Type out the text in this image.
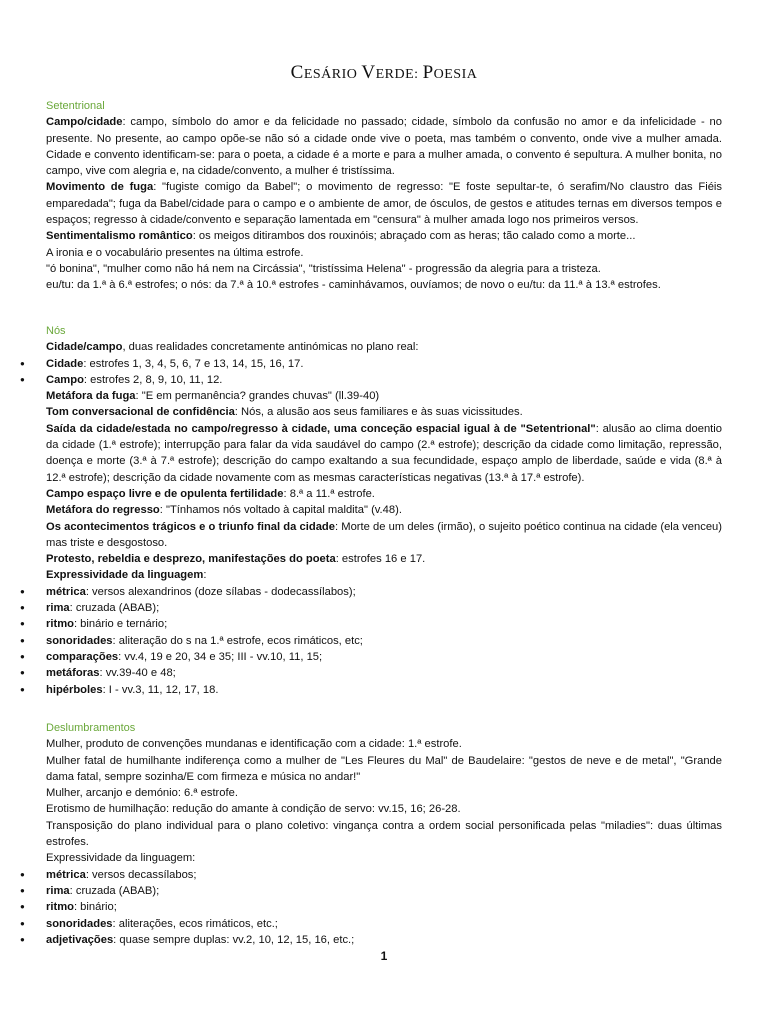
CESÁRIO VERDE: POESIA
Setentrional

Campo/cidade: campo, símbolo do amor e da felicidade no passado; cidade, símbolo da confusão no amor e da infelicidade - no presente. No presente, ao campo opõe-se não só a cidade onde vive o poeta, mas também o convento, onde vive a mulher amada. Cidade e convento identificam-se: para o poeta, a cidade é a morte e para a mulher amada, o convento é sepultura. A mulher bonita, no campo, vive com alegria e, na cidade/convento, a mulher é tristíssima.

Movimento de fuga: "fugiste comigo da Babel"; o movimento de regresso: "E foste sepultar-te, ó serafim/No claustro das Fiéis emparedada"; fuga da Babel/cidade para o campo e o ambiente de amor, de ósculos, de gestos e atitudes ternas em diversos tempos e espaços; regresso à cidade/convento e separação lamentada em "censura" à mulher amada logo nos primeiros versos.

Sentimentalismo romântico: os meigos ditirambos dos rouxinóis; abraçado com as heras; tão calado como a morte...

A ironia e o vocabulário presentes na última estrofe.

"ó bonina", "mulher como não há nem na Circássia", "tristíssima Helena" - progressão da alegria para a tristeza.

eu/tu: da 1.ª à 6.ª estrofes; o nós: da 7.ª à 10.ª estrofes - caminhávamos, ouvíamos; de novo o eu/tu: da 11.ª à 13.ª estrofes.

Nós

Cidade/campo, duas realidades concretamente antinómicas no plano real:

● Cidade: estrofes 1, 3, 4, 5, 6, 7 e 13, 14, 15, 16, 17.
● Campo: estrofes 2, 8, 9, 10, 11, 12.

Metáfora da fuga: "E em permanência? grandes chuvas" (ll.39-40)

Tom conversacional de confidência: Nós, a alusão aos seus familiares e às suas vicissitudes.

Saída da cidade/estada no campo/regresso à cidade, uma conceção espacial igual à de "Setentrional": alusão ao clima doentio da cidade (1.ª estrofe); interrupção para falar da vida saudável do campo (2.ª estrofe); descrição da cidade como limitação, repressão, doença e morte (3.ª à 7.ª estrofe); descrição do campo exaltando a sua fecundidade, espaço amplo de liberdade, saúde e vida (8.ª à 12.ª estrofe); descrição da cidade novamente com as mesmas características negativas (13.ª à 17.ª estrofe).

Campo espaço livre e de opulenta fertilidade: 8.ª a 11.ª estrofe.

Metáfora do regresso: "Tínhamos nós voltado à capital maldita" (v.48).

Os acontecimentos trágicos e o triunfo final da cidade: Morte de um deles (irmão), o sujeito poético continua na cidade (ela venceu) mas triste e desgostoso.

Protesto, rebeldia e desprezo, manifestações do poeta: estrofes 16 e 17.

Expressividade da linguagem:

● métrica: versos alexandrinos (doze sílabas - dodecassílabos);
● rima: cruzada (ABAB);
● ritmo: binário e ternário;
● sonoridades: aliteração do s na 1.ª estrofe, ecos rimáticos, etc;
● comparações: vv.4, 19 e 20, 34 e 35; III - vv.10, 11, 15;
● metáforas: vv.39-40 e 48;
● hipérboles: I - vv.3, 11, 12, 17, 18.
Deslumbramentos

Mulher, produto de convenções mundanas e identificação com a cidade: 1.ª estrofe.

Mulher fatal de humilhante indiferença como a mulher de "Les Fleures du Mal" de Baudelaire: "gestos de neve e de metal", "Grande dama fatal, sempre sozinha/E com firmeza e música no andar!"

Mulher, arcanjo e demónio: 6.ª estrofe.

Erotismo de humilhação: redução do amante à condição de servo: vv.15, 16; 26-28.

Transposição do plano individual para o plano coletivo: vingança contra a ordem social personificada pelas "miladies": duas últimas estrofes.

Expressividade da linguagem:

● métrica: versos decassílabos;
● rima: cruzada (ABAB);
● ritmo: binário;
● sonoridades: aliterações, ecos rimáticos, etc.;
● adjetivações: quase sempre duplas: vv.2, 10, 12, 15, 16, etc.;
1
